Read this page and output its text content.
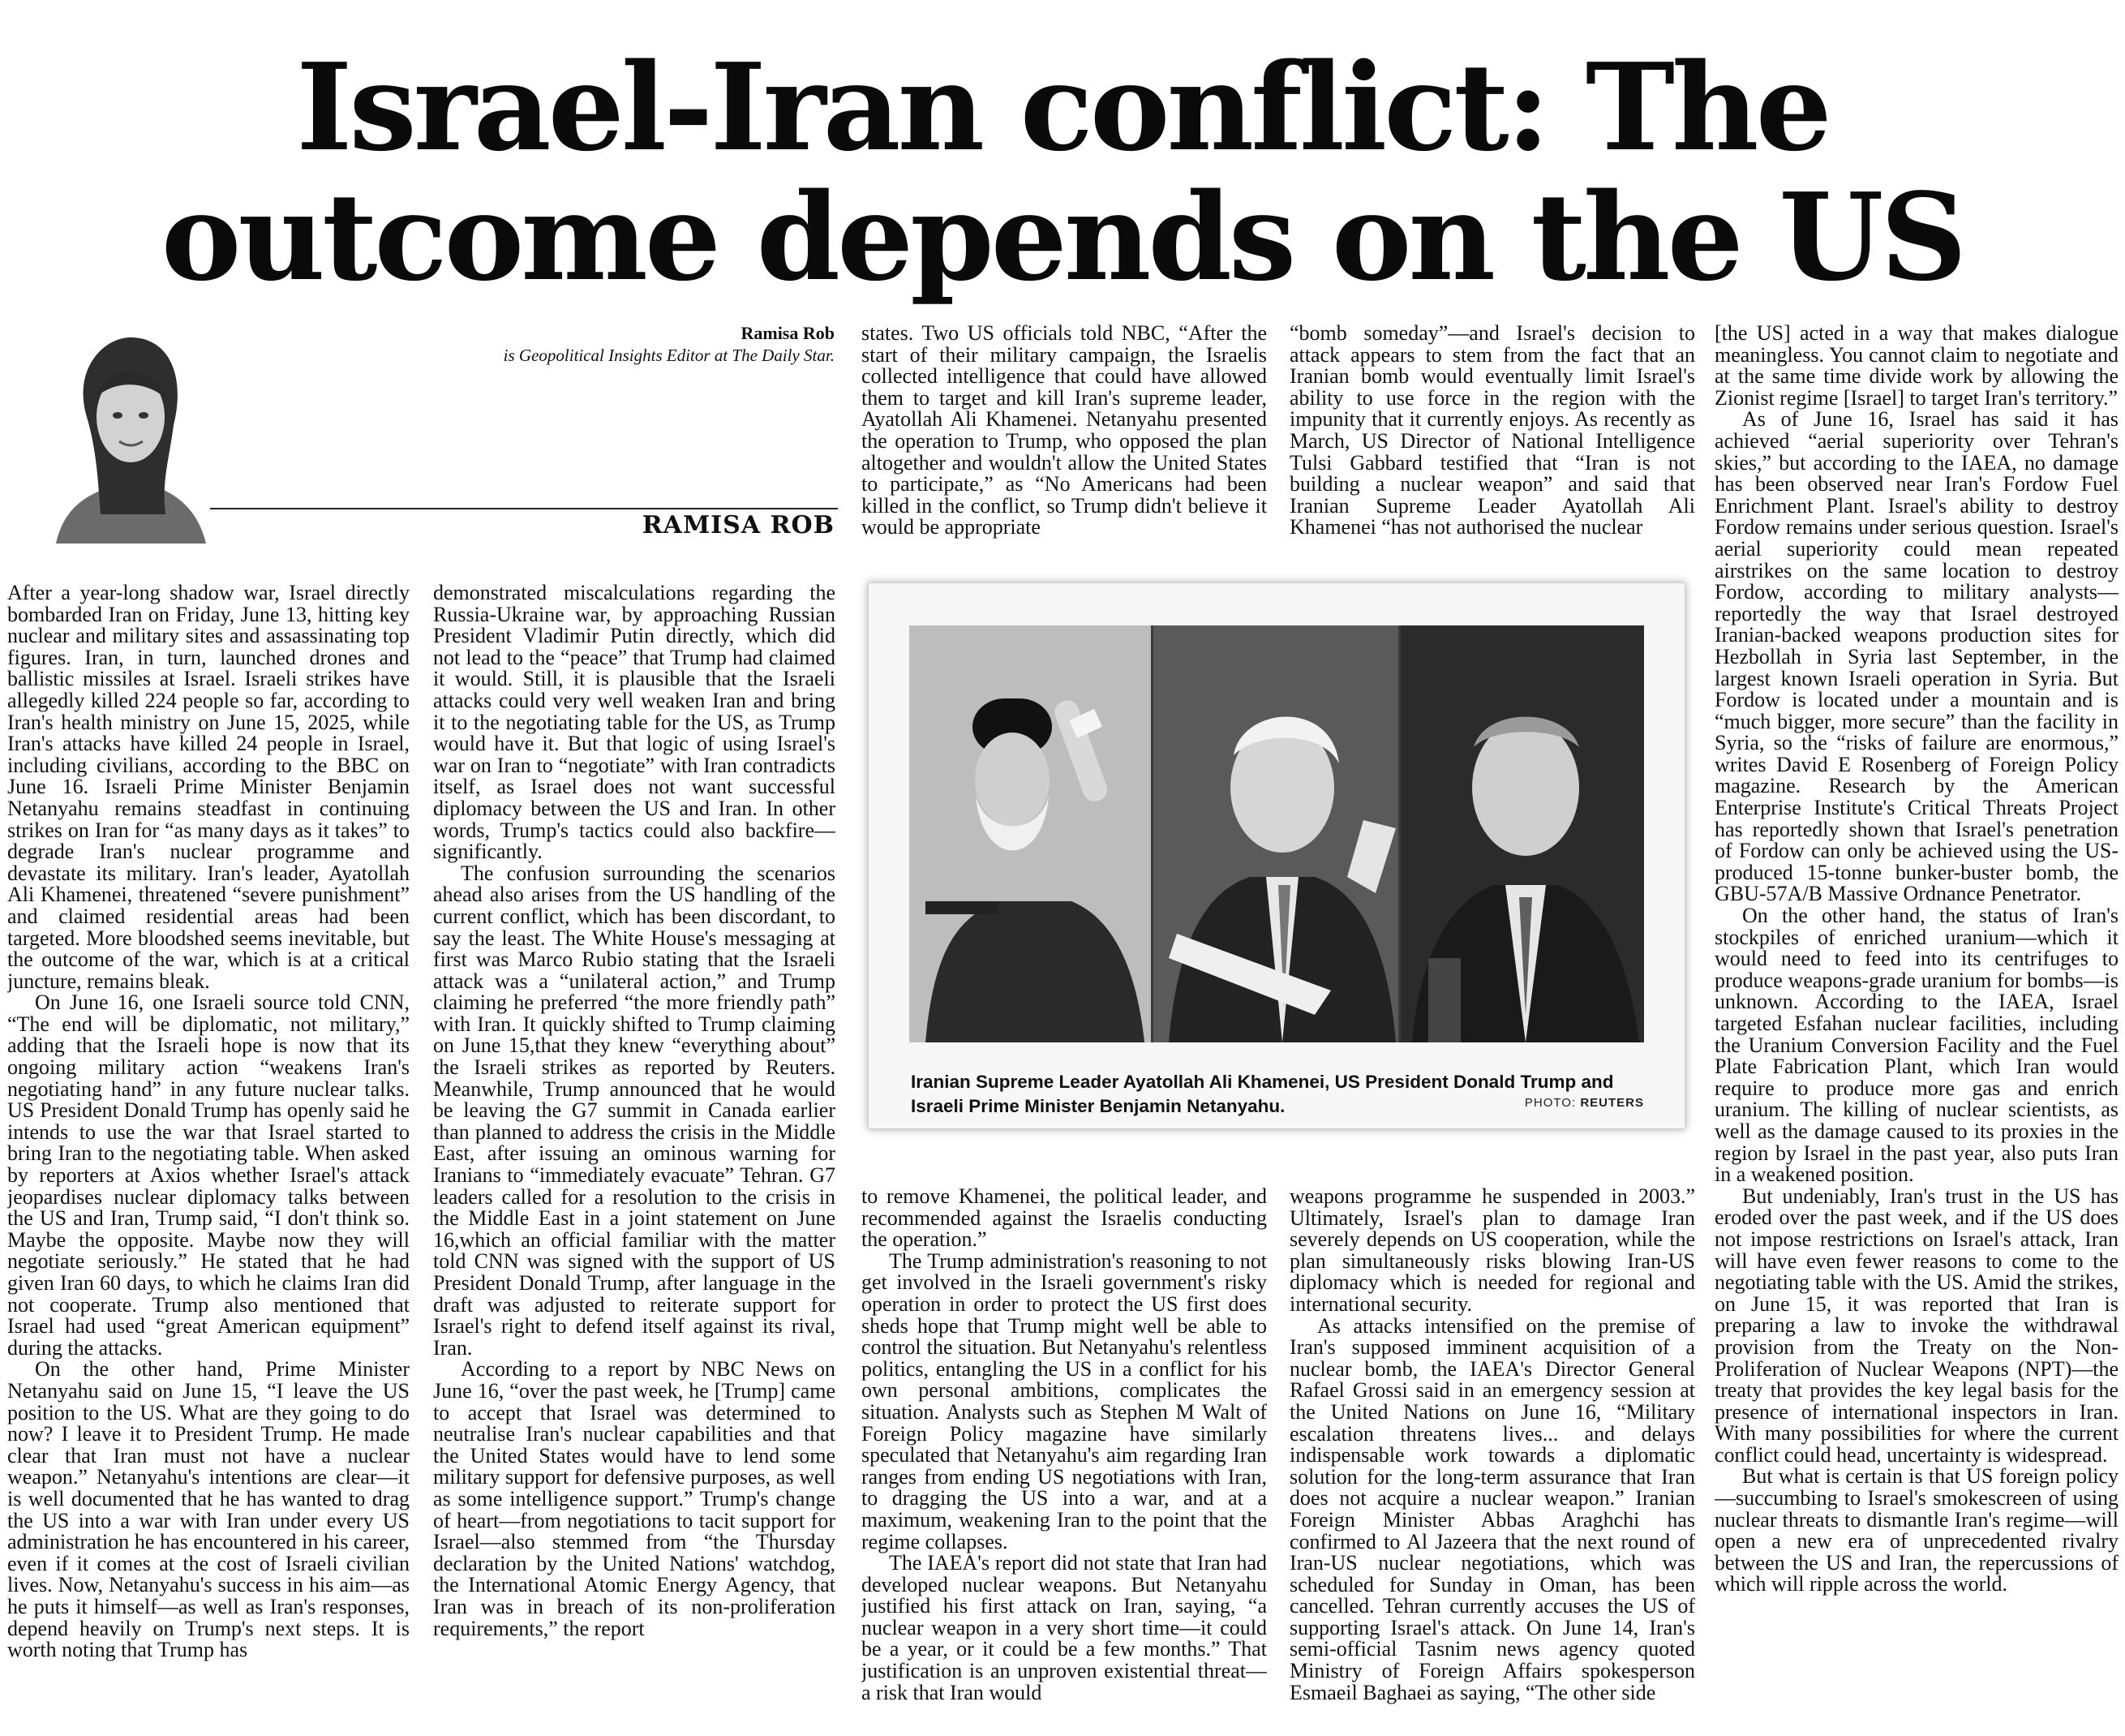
Israel-Iran conflict: The outcome depends on the US
Ramisa Rob
is Geopolitical Insights Editor at The Daily Star.
RAMISA ROB

After a year-long shadow war, Israel directly bombarded Iran on Friday, June 13, hitting key nuclear and military sites and assassinating top figures. Iran, in turn, launched drones and ballistic missiles at Israel. Israeli strikes have allegedly killed 224 people so far, according to Iran's health ministry on June 15, 2025, while Iran's attacks have killed 24 people in Israel, including civilians, according to the BBC on June 16. Israeli Prime Minister Benjamin Netanyahu remains steadfast in continuing strikes on Iran for “as many days as it takes” to degrade Iran's nuclear programme and devastate its military. Iran's leader, Ayatollah Ali Khamenei, threatened “severe punishment” and claimed residential areas had been targeted. More bloodshed seems inevitable, but the outcome of the war, which is at a critical juncture, remains bleak.

On June 16, one Israeli source told CNN, “The end will be diplomatic, not military,” adding that the Israeli hope is now that its ongoing military action “weakens Iran's negotiating hand” in any future nuclear talks. US President Donald Trump has openly said he intends to use the war that Israel started to bring Iran to the negotiating table. When asked by reporters at Axios whether Israel's attack jeopardises nuclear diplomacy talks between the US and Iran, Trump said, “I don't think so. Maybe the opposite. Maybe now they will negotiate seriously.” He stated that he had given Iran 60 days, to which he claims Iran did not cooperate. Trump also mentioned that Israel had used “great American equipment” during the attacks.

On the other hand, Prime Minister Netanyahu said on June 15, “I leave the US position to the US. What are they going to do now? I leave it to President Trump. He made clear that Iran must not have a nuclear weapon.” Netanyahu's intentions are clear—it is well documented that he has wanted to drag the US into a war with Iran under every US administration he has encountered in his career, even if it comes at the cost of Israeli civilian lives. Now, Netanyahu's success in his aim—as he puts it himself—as well as Iran's responses, depend heavily on Trump's next steps. It is worth noting that Trump has

demonstrated miscalculations regarding the Russia-Ukraine war, by approaching Russian President Vladimir Putin directly, which did not lead to the “peace” that Trump had claimed it would. Still, it is plausible that the Israeli attacks could very well weaken Iran and bring it to the negotiating table for the US, as Trump would have it. But that logic of using Israel's war on Iran to “negotiate” with Iran contradicts itself, as Israel does not want successful diplomacy between the US and Iran. In other words, Trump's tactics could also backfire—significantly.

The confusion surrounding the scenarios ahead also arises from the US handling of the current conflict, which has been discordant, to say the least. The White House's messaging at first was Marco Rubio stating that the Israeli attack was a “unilateral action,” and Trump claiming he preferred “the more friendly path” with Iran. It quickly shifted to Trump claiming on June 15,that they knew “everything about” the Israeli strikes as reported by Reuters. Meanwhile, Trump announced that he would be leaving the G7 summit in Canada earlier than planned to address the crisis in the Middle East, after issuing an ominous warning for Iranians to “immediately evacuate” Tehran. G7 leaders called for a resolution to the crisis in the Middle East in a joint statement on June 16,which an official familiar with the matter told CNN was signed with the support of US President Donald Trump, after language in the draft was adjusted to reiterate support for Israel's right to defend itself against its rival, Iran.

According to a report by NBC News on June 16, “over the past week, he [Trump] came to accept that Israel was determined to neutralise Iran's nuclear capabilities and that the United States would have to lend some military support for defensive purposes, as well as some intelligence support.” Trump's change of heart—from negotiations to tacit support for Israel—also stemmed from “the Thursday declaration by the United Nations' watchdog, the International Atomic Energy Agency, that Iran was in breach of its non-proliferation requirements,” the report

states. Two US officials told NBC, “After the start of their military campaign, the Israelis collected intelligence that could have allowed them to target and kill Iran's supreme leader, Ayatollah Ali Khamenei. Netanyahu presented the operation to Trump, who opposed the plan altogether and wouldn't allow the United States to participate,” as “No Americans had been killed in the conflict, so Trump didn't believe it would be appropriate

“bomb someday”—and Israel's decision to attack appears to stem from the fact that an Iranian bomb would eventually limit Israel's ability to use force in the region with the impunity that it currently enjoys. As recently as March, US Director of National Intelligence Tulsi Gabbard testified that “Iran is not building a nuclear weapon” and said that Iranian Supreme Leader Ayatollah Ali Khamenei “has not authorised the nuclear

Iranian Supreme Leader Ayatollah Ali Khamenei, US President Donald Trump and Israeli Prime Minister Benjamin Netanyahu.	PHOTO: REUTERS

to remove Khamenei, the political leader, and recommended against the Israelis conducting the operation.”

The Trump administration's reasoning to not get involved in the Israeli government's risky operation in order to protect the US first does sheds hope that Trump might well be able to control the situation. But Netanyahu's relentless politics, entangling the US in a conflict for his own personal ambitions, complicates the situation. Analysts such as Stephen M Walt of Foreign Policy magazine have similarly speculated that Netanyahu's aim regarding Iran ranges from ending US negotiations with Iran, to dragging the US into a war, and at a maximum, weakening Iran to the point that the regime collapses.

The IAEA's report did not state that Iran had developed nuclear weapons. But Netanyahu justified his first attack on Iran, saying, “a nuclear weapon in a very short time—it could be a year, or it could be a few months.” That justification is an unproven existential threat—a risk that Iran would

weapons programme he suspended in 2003.” Ultimately, Israel's plan to damage Iran severely depends on US cooperation, while the plan simultaneously risks blowing Iran-US diplomacy which is needed for regional and international security.

As attacks intensified on the premise of Iran's supposed imminent acquisition of a nuclear bomb, the IAEA's Director General Rafael Grossi said in an emergency session at the United Nations on June 16, “Military escalation threatens lives... and delays indispensable work towards a diplomatic solution for the long-term assurance that Iran does not acquire a nuclear weapon.” Iranian Foreign Minister Abbas Araghchi has confirmed to Al Jazeera that the next round of Iran-US nuclear negotiations, which was scheduled for Sunday in Oman, has been cancelled. Tehran currently accuses the US of supporting Israel's attack. On June 14, Iran's semi-official Tasnim news agency quoted Ministry of Foreign Affairs spokesperson Esmaeil Baghaei as saying, “The other side

[the US] acted in a way that makes dialogue meaningless. You cannot claim to negotiate and at the same time divide work by allowing the Zionist regime [Israel] to target Iran's territory.”

As of June 16, Israel has said it has achieved “aerial superiority over Tehran's skies,” but according to the IAEA, no damage has been observed near Iran's Fordow Fuel Enrichment Plant. Israel's ability to destroy Fordow remains under serious question. Israel's aerial superiority could mean repeated airstrikes on the same location to destroy Fordow, according to military analysts—reportedly the way that Israel destroyed Iranian-backed weapons production sites for Hezbollah in Syria last September, in the largest known Israeli operation in Syria. But Fordow is located under a mountain and is “much bigger, more secure” than the facility in Syria, so the “risks of failure are enormous,” writes David E Rosenberg of Foreign Policy magazine. Research by the American Enterprise Institute's Critical Threats Project has reportedly shown that Israel's penetration of Fordow can only be achieved using the US-produced 15-tonne bunker-buster bomb, the GBU-57A/B Massive Ordnance Penetrator.

On the other hand, the status of Iran's stockpiles of enriched uranium—which it would need to feed into its centrifuges to produce weapons-grade uranium for bombs—is unknown. According to the IAEA, Israel targeted Esfahan nuclear facilities, including the Uranium Conversion Facility and the Fuel Plate Fabrication Plant, which Iran would require to produce more gas and enrich uranium. The killing of nuclear scientists, as well as the damage caused to its proxies in the region by Israel in the past year, also puts Iran in a weakened position.

But undeniably, Iran's trust in the US has eroded over the past week, and if the US does not impose restrictions on Israel's attack, Iran will have even fewer reasons to come to the negotiating table with the US. Amid the strikes, on June 15, it was reported that Iran is preparing a law to invoke the withdrawal provision from the Treaty on the Non-Proliferation of Nuclear Weapons (NPT)—the treaty that provides the key legal basis for the presence of international inspectors in Iran. With many possibilities for where the current conflict could head, uncertainty is widespread.

But what is certain is that US foreign policy—succumbing to Israel's smokescreen of using nuclear threats to dismantle Iran's regime—will open a new era of unprecedented rivalry between the US and Iran, the repercussions of which will ripple across the world.
